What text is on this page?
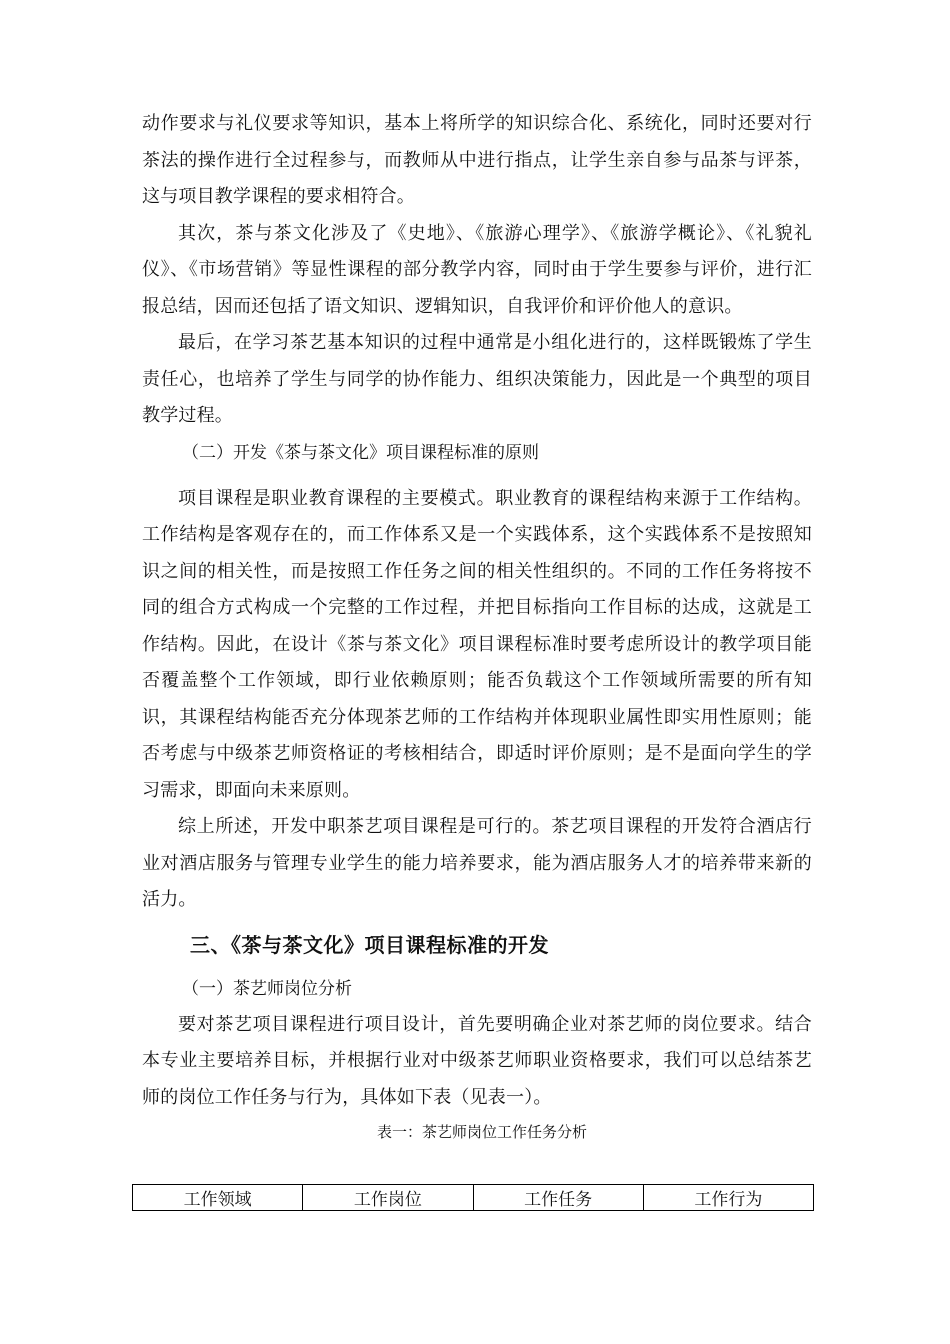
动作要求与礼仪要求等知识，基本上将所学的知识综合化、系统化，同时还要对行茶法的操作进行全过程参与，而教师从中进行指点，让学生亲自参与品茶与评茶，这与项目教学课程的要求相符合。

其次，茶与茶文化涉及了《史地》、《旅游心理学》、《旅游学概论》、《礼貌礼仪》、《市场营销》等显性课程的部分教学内容，同时由于学生要参与评价，进行汇报总结，因而还包括了语文知识、逻辑知识，自我评价和评价他人的意识。

最后，在学习茶艺基本知识的过程中通常是小组化进行的，这样既锻炼了学生责任心，也培养了学生与同学的协作能力、组织决策能力，因此是一个典型的项目教学过程。

（二）开发《茶与茶文化》项目课程标准的原则

项目课程是职业教育课程的主要模式。职业教育的课程结构来源于工作结构。工作结构是客观存在的，而工作体系又是一个实践体系，这个实践体系不是按照知识之间的相关性，而是按照工作任务之间的相关性组织的。不同的工作任务将按不同的组合方式构成一个完整的工作过程，并把目标指向工作目标的达成，这就是工作结构。因此，在设计《茶与茶文化》项目课程标准时要考虑所设计的教学项目能否覆盖整个工作领域，即行业依赖原则；能否负载这个工作领域所需要的所有知识，其课程结构能否充分体现茶艺师的工作结构并体现职业属性即实用性原则；能否考虑与中级茶艺师资格证的考核相结合，即适时评价原则；是不是面向学生的学习需求，即面向未来原则。

综上所述，开发中职茶艺项目课程是可行的。茶艺项目课程的开发符合酒店行业对酒店服务与管理专业学生的能力培养要求，能为酒店服务人才的培养带来新的活力。

三、《茶与茶文化》项目课程标准的开发

（一）茶艺师岗位分析

要对茶艺项目课程进行项目设计，首先要明确企业对茶艺师的岗位要求。结合本专业主要培养目标，并根据行业对中级茶艺师职业资格要求，我们可以总结茶艺师的岗位工作任务与行为，具体如下表（见表一）。

表一：茶艺师岗位工作任务分析

工作领域	工作岗位	工作任务	工作行为
